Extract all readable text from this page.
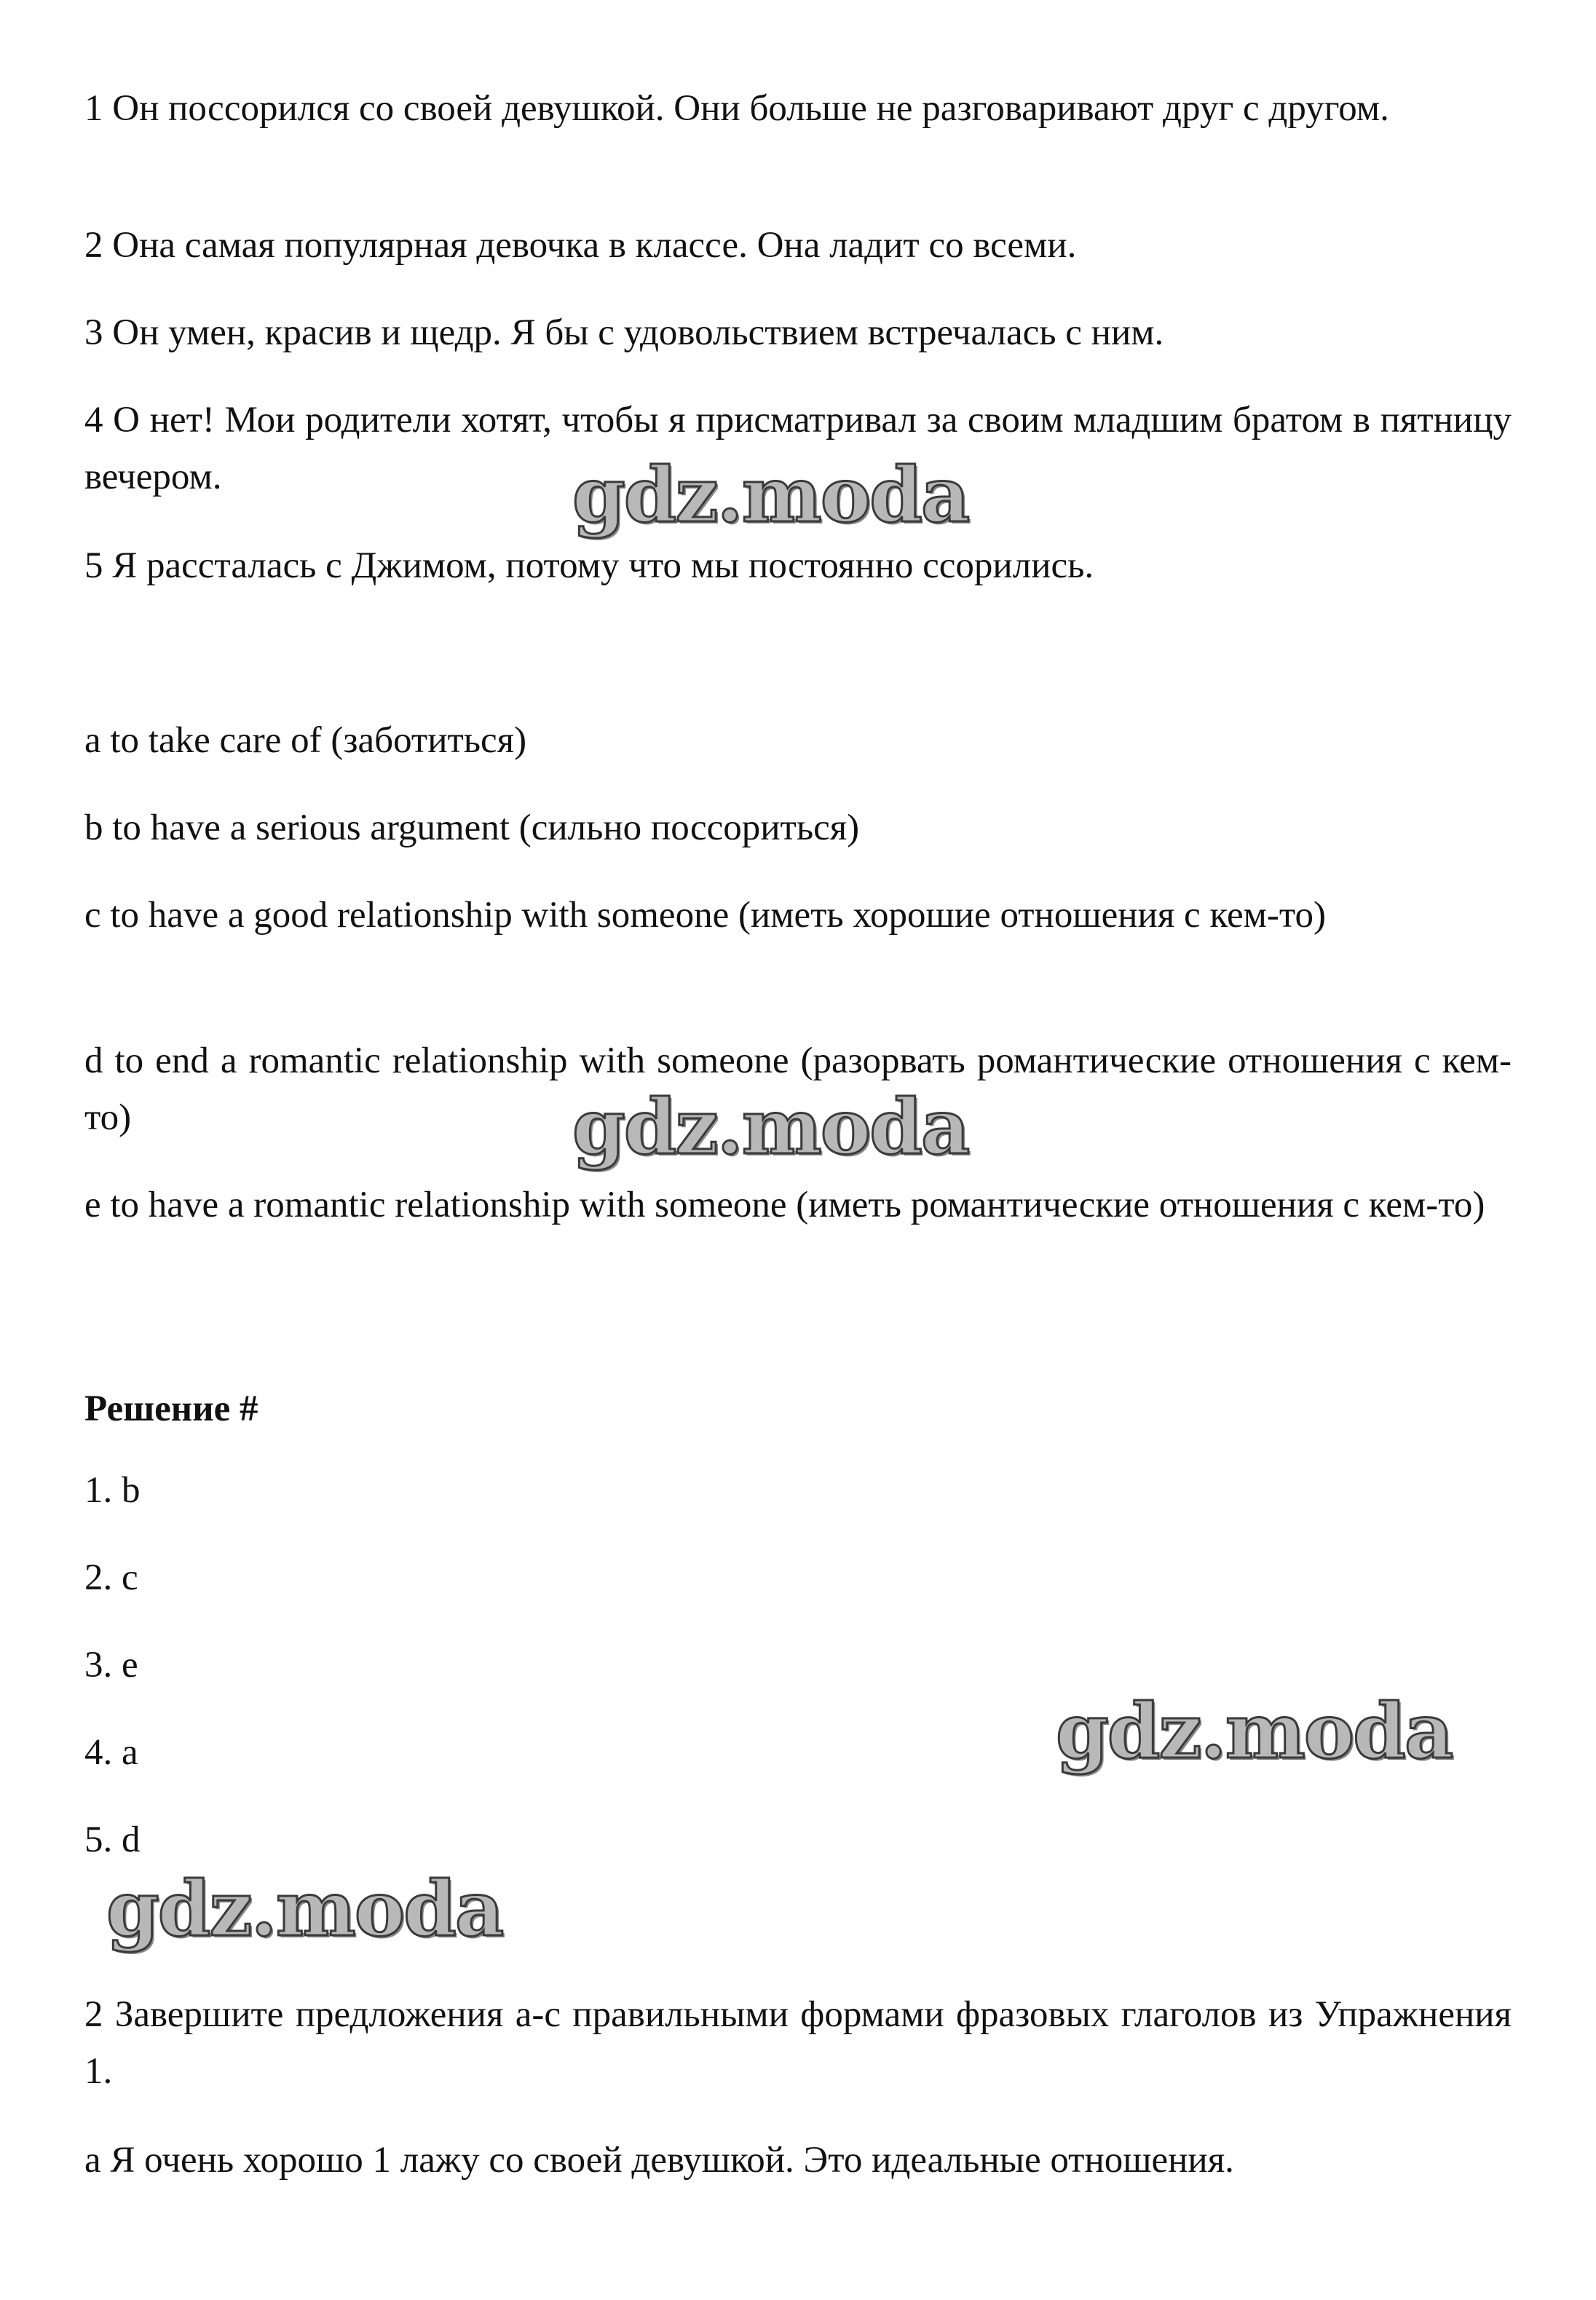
1 Он поссорился со своей девушкой. Они больше не разговаривают друг с другом.

2 Она самая популярная девочка в классе. Она ладит со всеми.

3 Он умен, красив и щедр. Я бы с удовольствием встречалась с ним.

4 О нет! Мои родители хотят, чтобы я присматривал за своим младшим братом в пятницу вечером.

5 Я рассталась с Джимом, потому что мы постоянно ссорились.

a to take care of (заботиться)

b to have a serious argument (сильно поссориться)

c to have a good relationship with someone (иметь хорошие отношения с кем-то)

d to end a romantic relationship with someone (разорвать романтические отношения с кем-то)

e to have a romantic relationship with someone (иметь романтические отношения с кем-то)

Решение #

1. b

2. c

3. e

4. a

5. d

2 Завершите предложения a-c правильными формами фразовых глаголов из Упражнения 1.

a Я очень хорошо 1 лажу со своей девушкой. Это идеальные отношения.

gdz.moda
gdz.moda
gdz.moda
gdz.moda
